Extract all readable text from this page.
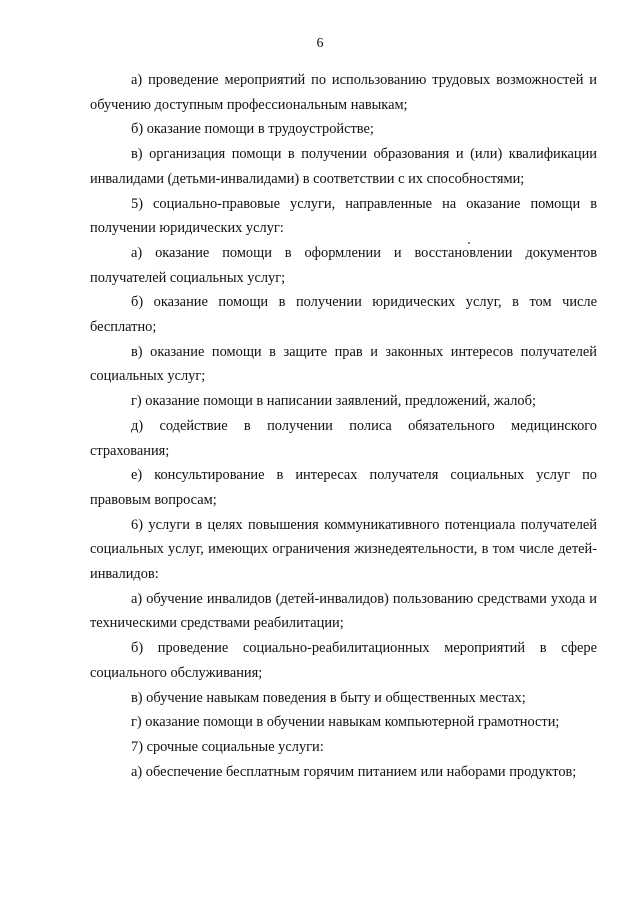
6

а) проведение мероприятий по использованию трудовых возможностей и обучению доступным профессиональным навыкам;

б) оказание помощи в трудоустройстве;

в) организация помощи в получении образования и (или) квалификации инвалидами (детьми-инвалидами) в соответствии с их способностями;

5) социально-правовые услуги, направленные на оказание помощи в получении юридических услуг:

а) оказание помощи в оформлении и восстановлении документов получателей социальных услуг;

б) оказание помощи в получении юридических услуг, в том числе бесплатно;

в) оказание помощи в защите прав и законных интересов получателей социальных услуг;

г) оказание помощи в написании заявлений, предложений, жалоб;

д) содействие в получении полиса обязательного медицинского страхования;

е) консультирование в интересах получателя социальных услуг по правовым вопросам;

6) услуги в целях повышения коммуникативного потенциала получателей социальных услуг, имеющих ограничения жизнедеятельности, в том числе детей-инвалидов:

а) обучение инвалидов (детей-инвалидов) пользованию средствами ухода и техническими средствами реабилитации;

б) проведение социально-реабилитационных мероприятий в сфере социального обслуживания;

в) обучение навыкам поведения в быту и общественных местах;

г) оказание помощи в обучении навыкам компьютерной грамотности;

7) срочные социальные услуги:

а) обеспечение бесплатным горячим питанием или наборами продуктов;
